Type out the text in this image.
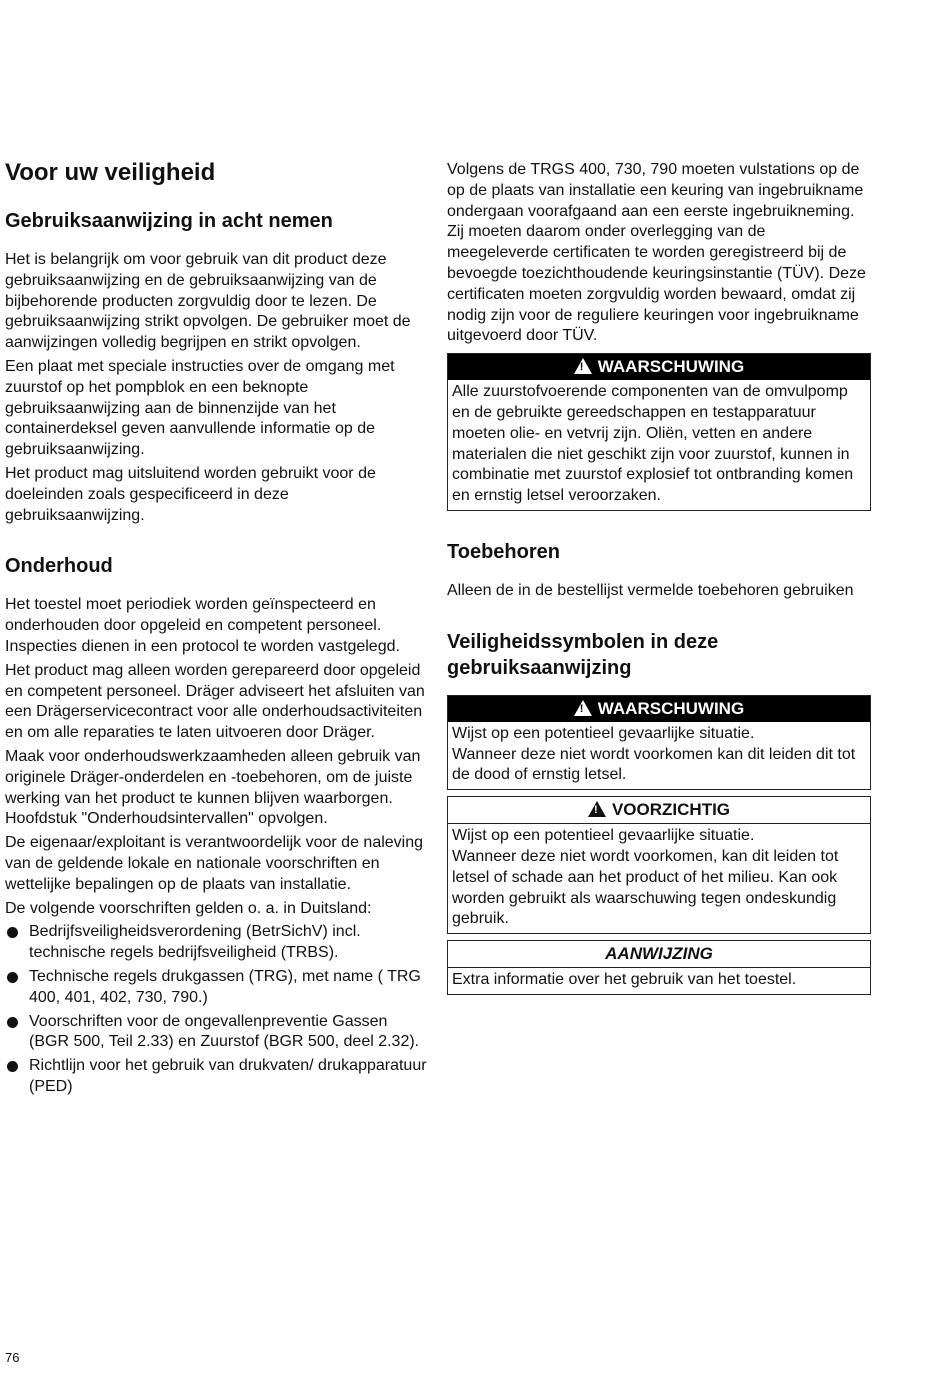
Voor uw veiligheid
Gebruiksaanwijzing in acht nemen

Het is belangrijk om voor gebruik van dit product deze gebruiksaanwijzing en de gebruiksaanwijzing van de bijbehorende producten zorgvuldig door te lezen. De gebruiksaanwijzing strikt opvolgen. De gebruiker moet de aanwijzingen volledig begrijpen en strikt opvolgen.

Een plaat met speciale instructies over de omgang met zuurstof op het pompblok en een beknopte gebruiksaanwijzing aan de binnenzijde van het containerdeksel geven aanvullende informatie op de gebruiksaanwijzing.

Het product mag uitsluitend worden gebruikt voor de doeleinden zoals gespecificeerd in deze gebruiksaanwijzing.

Onderhoud

Het toestel moet periodiek worden geïnspecteerd en onderhouden door opgeleid en competent personeel. Inspecties dienen in een protocol te worden vastgelegd.

Het product mag alleen worden gerepareerd door opgeleid en competent personeel. Dräger adviseert het afsluiten van een Drägerservicecontract voor alle onderhoudsactiviteiten en om alle reparaties te laten uitvoeren door Dräger.

Maak voor onderhoudswerkzaamheden alleen gebruik van originele Dräger-onderdelen en -toebehoren, om de juiste werking van het product te kunnen blijven waarborgen. Hoofdstuk "Onderhoudsintervallen" opvolgen.

De eigenaar/exploitant is verantwoordelijk voor de naleving van de geldende lokale en nationale voorschriften en wettelijke bepalingen op de plaats van installatie.

De volgende voorschriften gelden o. a. in Duitsland:

Bedrijfsveiligheidsverordening (BetrSichV) incl. technische regels bedrijfsveiligheid (TRBS).
Technische regels drukgassen (TRG), met name ( TRG 400, 401, 402, 730, 790.)
Voorschriften voor de ongevallenpreventie Gassen (BGR 500, Teil 2.33) en Zuurstof (BGR 500, deel 2.32).
Richtlijn voor het gebruik van drukvaten/ drukapparatuur (PED)

Volgens de TRGS 400, 730, 790 moeten vulstations op de op de plaats van installatie een keuring van ingebruikname ondergaan voorafgaand aan een eerste ingebruikneming. Zij moeten daarom onder overlegging van de meegeleverde certificaten te worden geregistreerd bij de bevoegde toezichthoudende keuringsinstantie (TÜV). Deze certificaten moeten zorgvuldig worden bewaard, omdat zij nodig zijn voor de reguliere keuringen voor ingebruikname uitgevoerd door TÜV.

!WAARSCHUWING
Alle zuurstofvoerende componenten van de omvulpomp en de gebruikte gereedschappen en testapparatuur moeten olie- en vetvrij zijn. Oliën, vetten en andere materialen die niet geschikt zijn voor zuurstof, kunnen in combinatie met zuurstof explosief tot ontbranding komen en ernstig letsel veroorzaken.
Toebehoren

Alleen de in de bestellijst vermelde toebehoren gebruiken

Veiligheidssymbolen in deze gebruiksaanwijzing
!WAARSCHUWING
Wijst op een potentieel gevaarlijke situatie.
Wanneer deze niet wordt voorkomen kan dit leiden dit tot de dood of ernstig letsel.
!VOORZICHTIG
Wijst op een potentieel gevaarlijke situatie.
Wanneer deze niet wordt voorkomen, kan dit leiden tot letsel of schade aan het product of het milieu. Kan ook worden gebruikt als waarschuwing tegen ondeskundig gebruik.
AANWIJZING
Extra informatie over het gebruik van het toestel.
76
